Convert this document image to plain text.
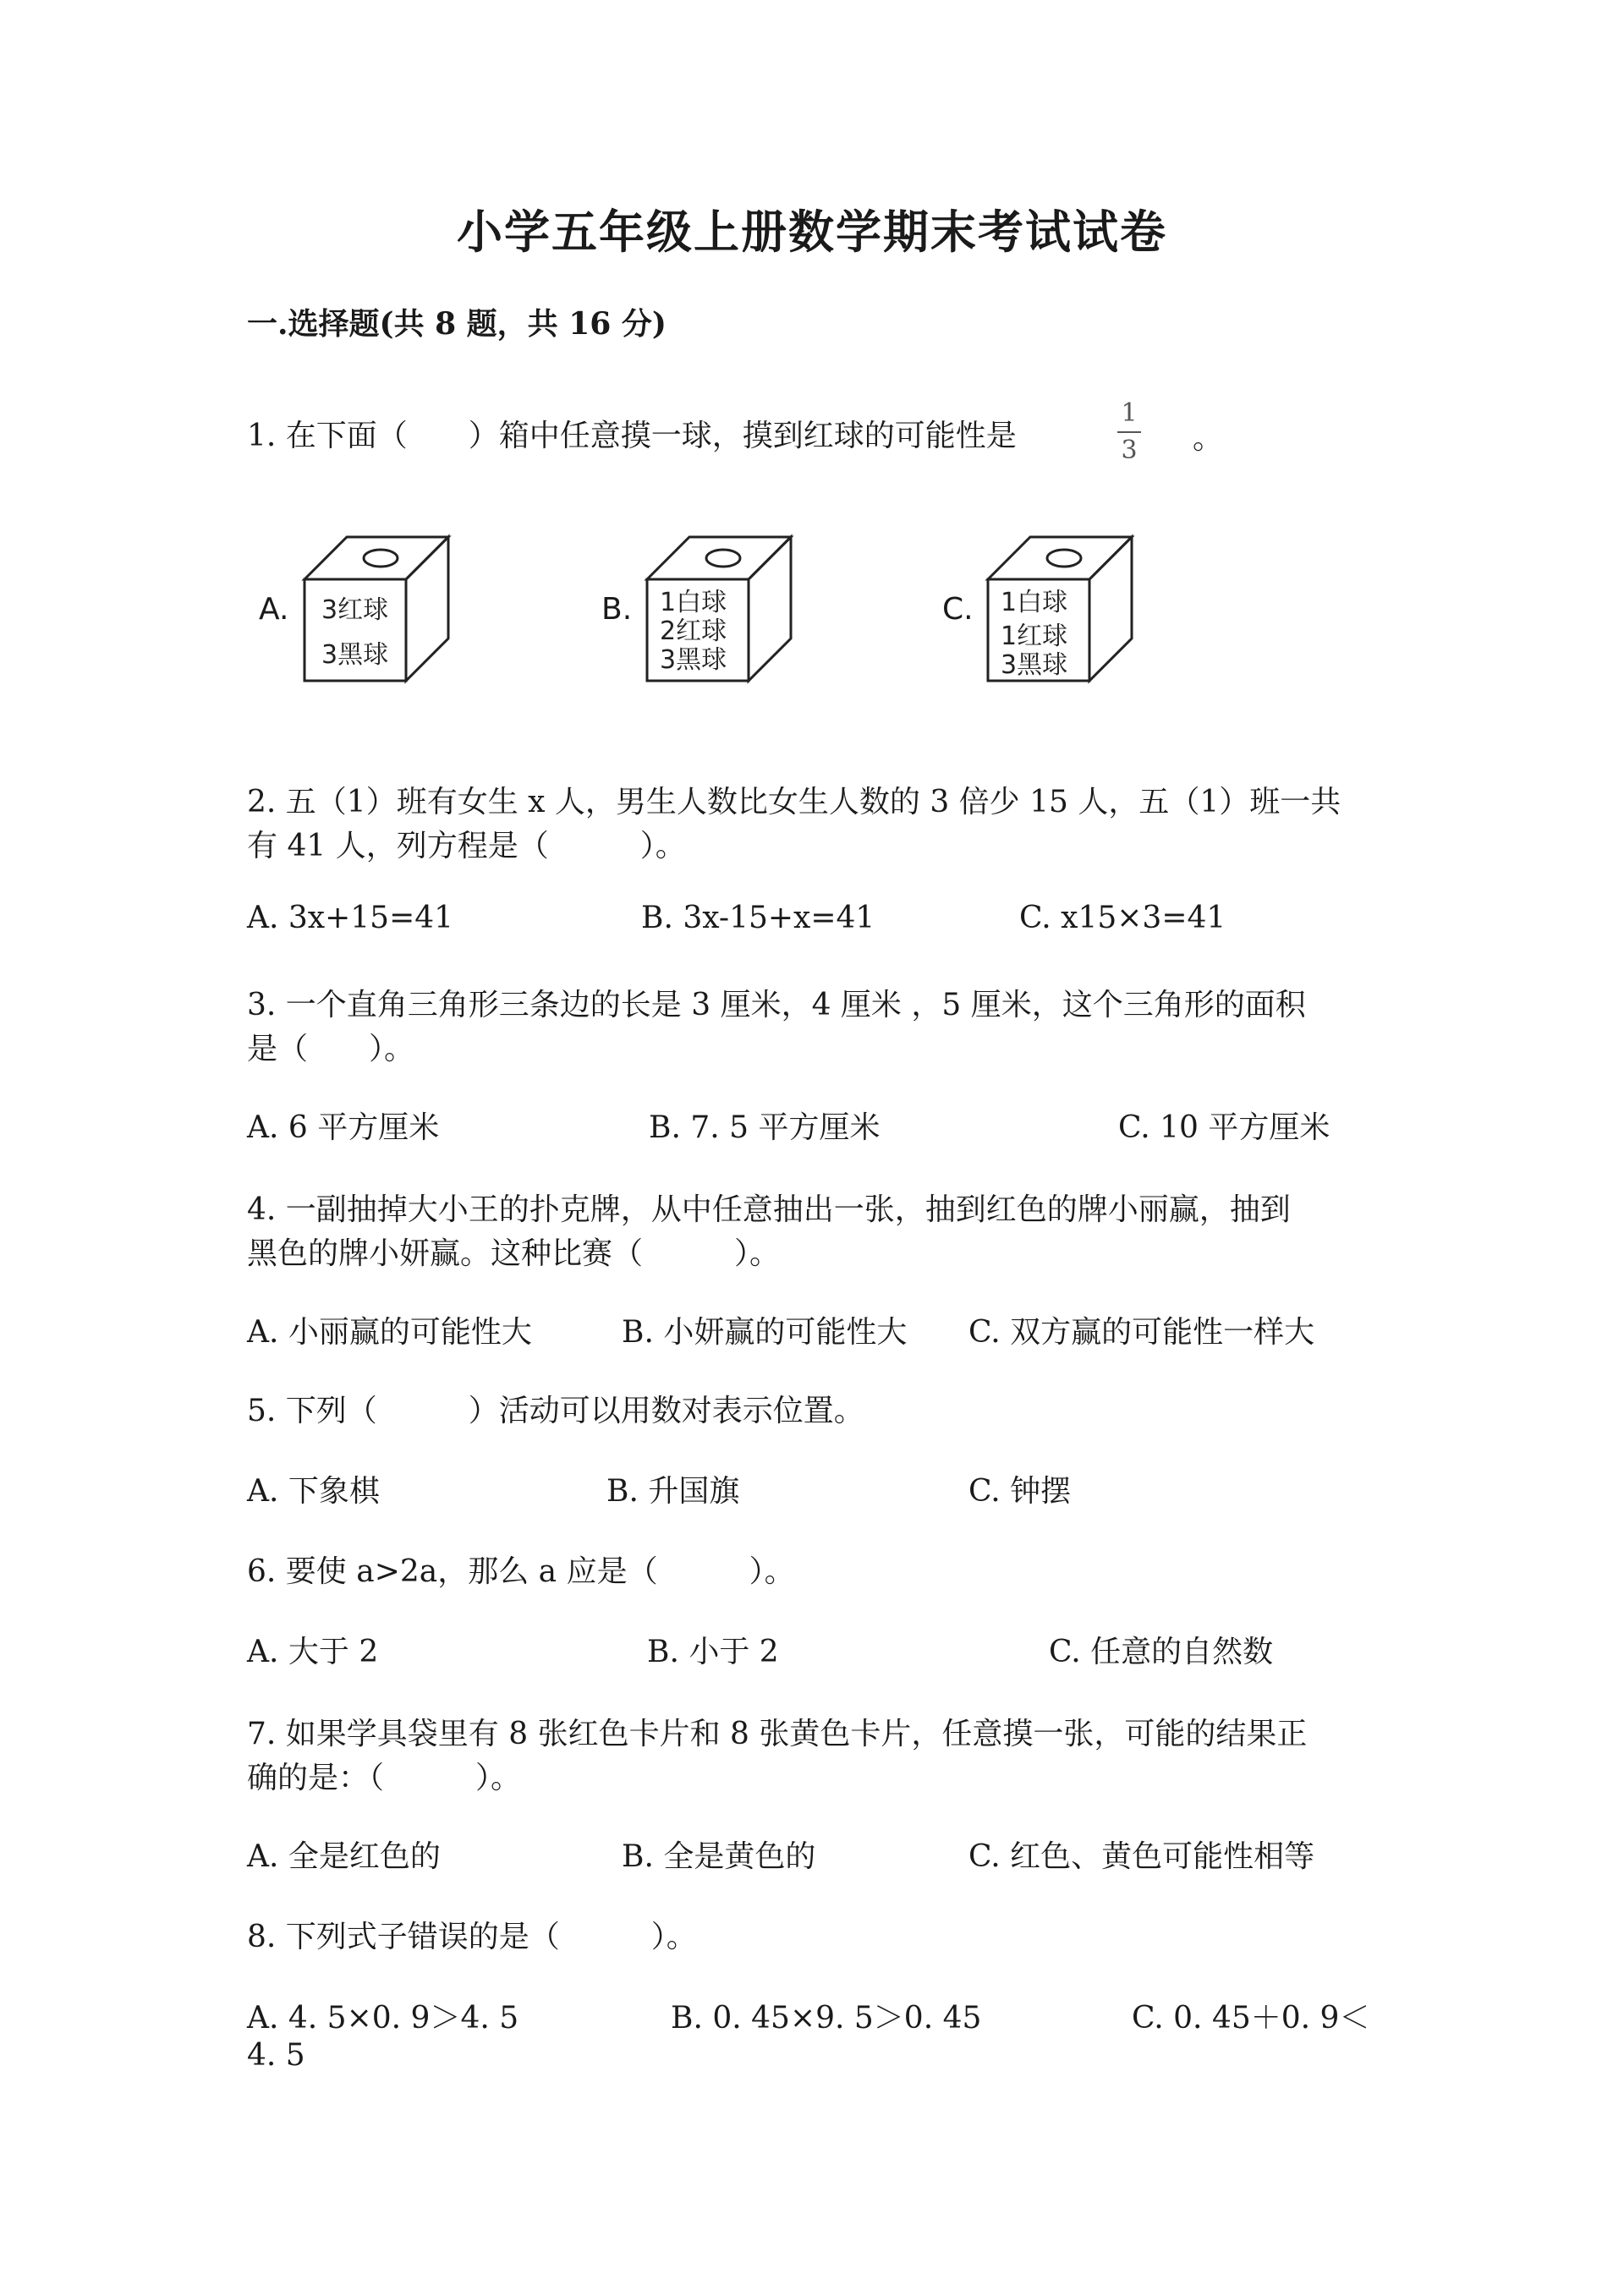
小学五年级上册数学期末考试试卷
一.选择题(共 8 题，共 16 分)
1. 在下面（　　）箱中任意摸一球，摸到红球的可能性是
1
3 。
A. 3红球
3黑球
B. 1白球
2红球
3黑球
C. 1白球
1红球
3黑球
2. 五（1）班有女生 x 人，男生人数比女生人数的 3 倍少 15 人，五（1）班一共
有 41 人，列方程是（　　　）。
A. 3x+15=41	B. 3x-15+x=41	C. x15×3=41
3. 一个直角三角形三条边的长是 3 厘米，4 厘米 ，5 厘米，这个三角形的面积
是（　　）。
A. 6 平方厘米	B. 7. 5 平方厘米	C. 10 平方厘米
4. 一副抽掉大小王的扑克牌，从中任意抽出一张，抽到红色的牌小丽赢，抽到
黑色的牌小妍赢。这种比赛（　　　）。
A. 小丽赢的可能性大	B. 小妍赢的可能性大 C. 双方赢的可能性一样大
5. 下列（　　　）活动可以用数对表示位置。
A. 下象棋	B. 升国旗	C. 钟摆
6. 要使 a>2a，那么 a 应是（　　　）。
A. 大于 2	B. 小于 2	C. 任意的自然数
7. 如果学具袋里有 8 张红色卡片和 8 张黄色卡片，任意摸一张，可能的结果正
确的是：（　　　）。
A. 全是红色的	B. 全是黄色的	C. 红色、黄色可能性相等
8. 下列式子错误的是（　　　）。
A. 4. 5×0. 9＞4. 5	B. 0. 45×9. 5＞0. 45	C. 0. 45＋0. 9＜
4. 5
